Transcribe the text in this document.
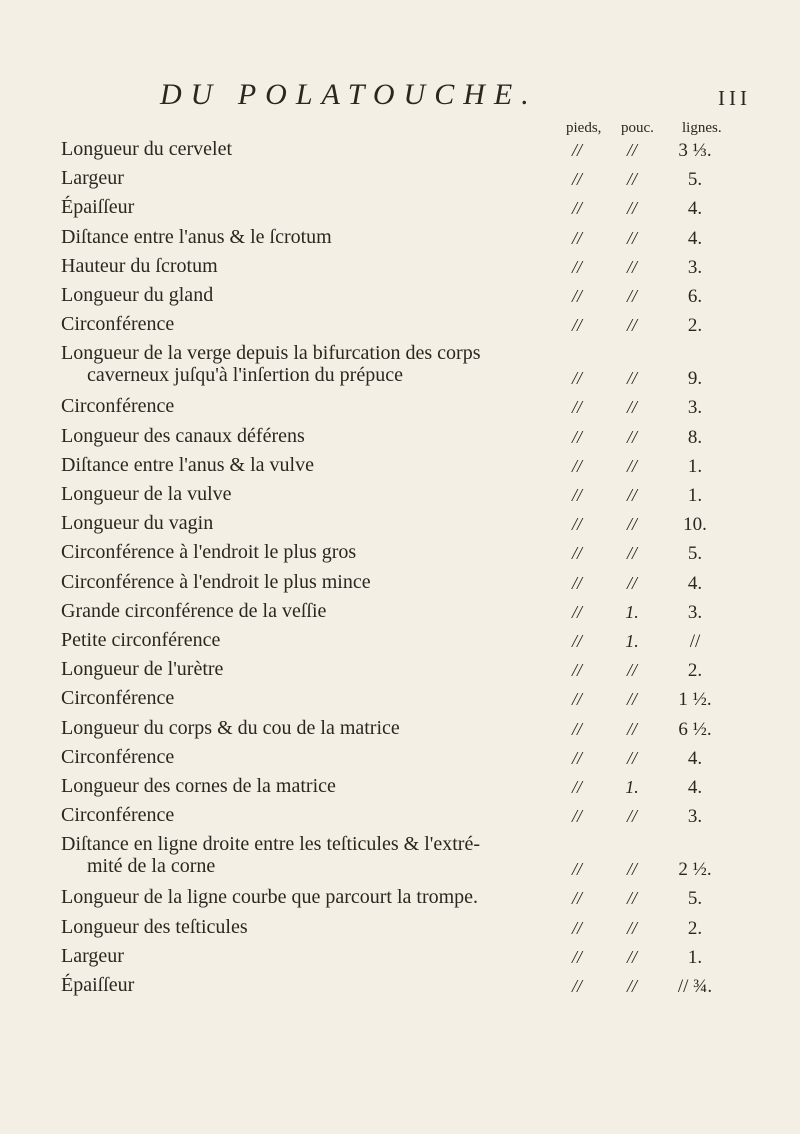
DU POLATOUCHE.	III
pieds, pouc. lignes.
Longueur du cervelet	//	//	3 ⅓.
Largeur	//	//	5.
Épaiſſeur	//	//	4.
Diſtance entre l'anus & le ſcrotum	//	//	4.
Hauteur du ſcrotum	//	//	3.
Longueur du gland	//	//	6.
Circonférence	//	//	2.
Longueur de la verge depuis la bifurcation des corps
caverneux juſqu'à l'inſertion du prépuce	//	//	9.
Circonférence	//	//	3.
Longueur des canaux déférens	//	//	8.
Diſtance entre l'anus & la vulve	//	//	1.
Longueur de la vulve	//	//	1.
Longueur du vagin	//	//	10.
Circonférence à l'endroit le plus gros	//	//	5.
Circonférence à l'endroit le plus mince	//	//	4.
Grande circonférence de la veſſie	//	1.	3.
Petite circonférence	//	1.	//
Longueur de l'urètre	//	//	2.
Circonférence	//	//	1 ½.
Longueur du corps & du cou de la matrice	//	//	6 ½.
Circonférence	//	//	4.
Longueur des cornes de la matrice	//	1.	4.
Circonférence	//	//	3.
Diſtance en ligne droite entre les teſticules & l'extré-
mité de la corne	//	//	2 ½.
Longueur de la ligne courbe que parcourt la trompe.	//	//	5.
Longueur des teſticules	//	//	2.
Largeur	//	//	1.
Épaiſſeur	//	//	// ¾.
